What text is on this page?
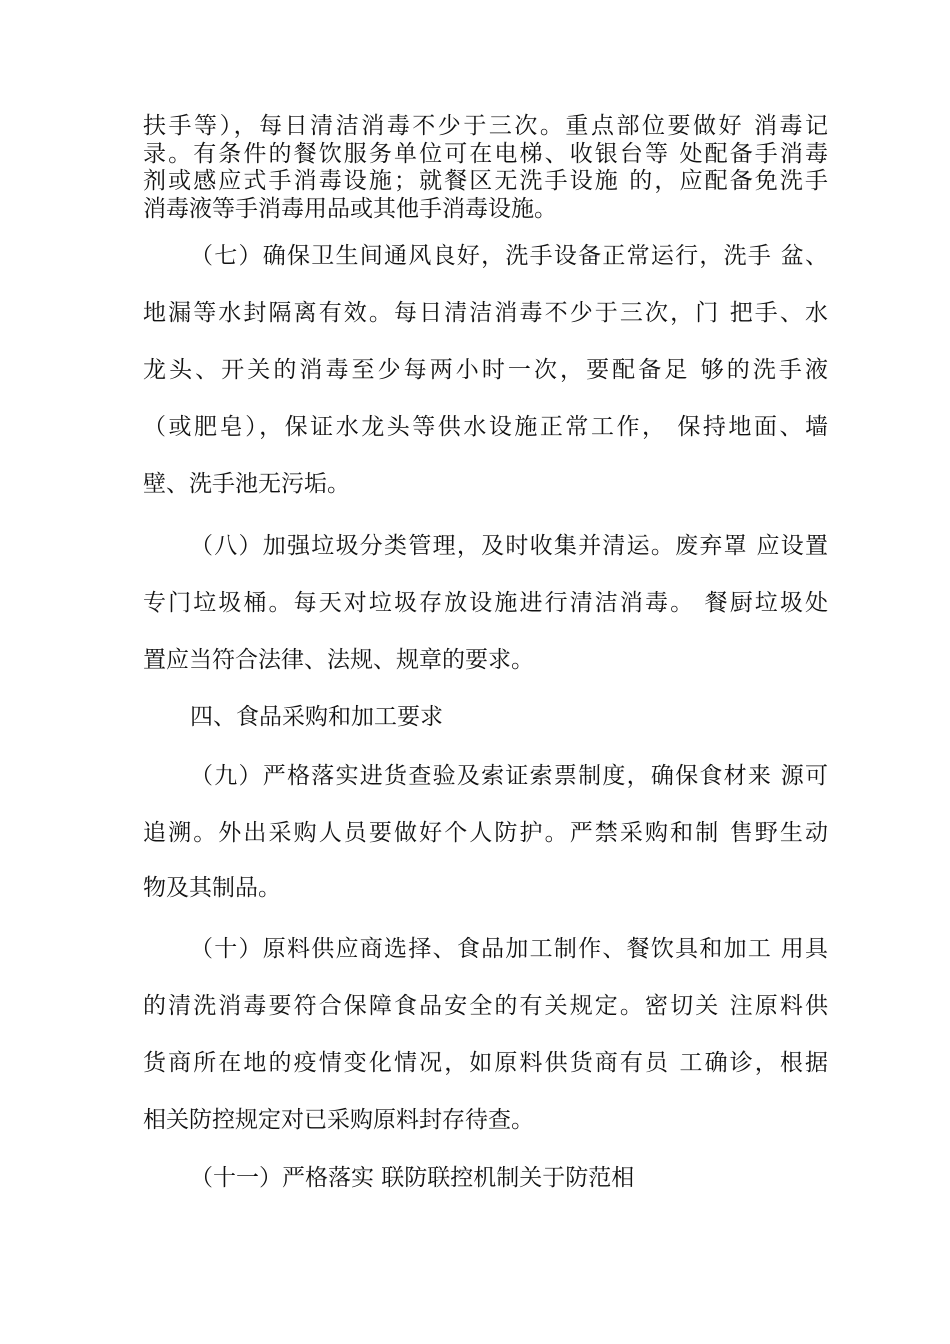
扶手等），每日清洁消毒不少于三次。重点部位要做好 消毒记
录。有条件的餐饮服务单位可在电梯、收银台等 处配备手消毒
剂或感应式手消毒设施；就餐区无洗手设施 的，应配备免洗手
消毒液等手消毒用品或其他手消毒设施。
（七）确保卫生间通风良好，洗手设备正常运行，洗手 盆、
地漏等水封隔离有效。每日清洁消毒不少于三次，门 把手、水
龙头、开关的消毒至少每两小时一次，要配备足 够的洗手液
（或肥皂），保证水龙头等供水设施正常工作， 保持地面、墙
壁、洗手池无污垢。
（八）加强垃圾分类管理，及时收集并清运。废弃罩 应设置
专门垃圾桶。每天对垃圾存放设施进行清洁消毒。 餐厨垃圾处
置应当符合法律、法规、规章的要求。
四、食品采购和加工要求
（九）严格落实进货查验及索证索票制度，确保食材来 源可
追溯。外出采购人员要做好个人防护。严禁采购和制 售野生动
物及其制品。
（十）原料供应商选择、食品加工制作、餐饮具和加工 用具
的清洗消毒要符合保障食品安全的有关规定。密切关 注原料供
货商所在地的疫情变化情况，如原料供货商有员 工确诊，根据
相关防控规定对已采购原料封存待查。
（十一）严格落实 联防联控机制关于防范相
